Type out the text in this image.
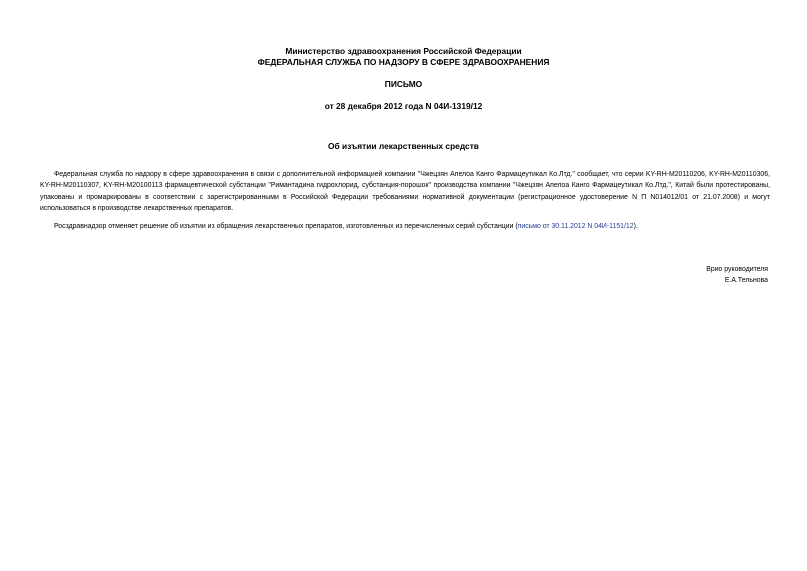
Министерство здравоохранения Российской Федерации
ФЕДЕРАЛЬНАЯ СЛУЖБА ПО НАДЗОРУ В СФЕРЕ ЗДРАВООХРАНЕНИЯ
ПИСЬМО
от 28 декабря 2012 года N 04И-1319/12
Об изъятии лекарственных средств
Федеральная служба по надзору в сфере здравоохранения в связи с дополнительной информацией компании "Чжецзян Апелоа Канго Фармацеутикал Ко.Лтд." сообщает, что серии KY-RH-M20110206, KY-RH-M20110306, KY-RH-M20110307, KY-RH-M20100113 фармацевтической субстанции "Римантадина гидрохлорид, субстанция-порошок" производства компании "Чжецзян Апелоа Канго Фармацеутикал Ко.Лтд.", Китай были протестированы, упакованы и промаркированы в соответствии с зарегистрированными в Российской Федерации требованиями нормативной документации (регистрационное удостоверение N П N014012/01 от 21.07.2008) и могут использоваться в производстве лекарственных препаратов.
Росздравнадзор отменяет решение об изъятии из обращения лекарственных препаратов, изготовленных из перечисленных серий субстанции (письмо от 30.11.2012 N 04И-1151/12).
Врио руководителя
Е.А.Тельнова
